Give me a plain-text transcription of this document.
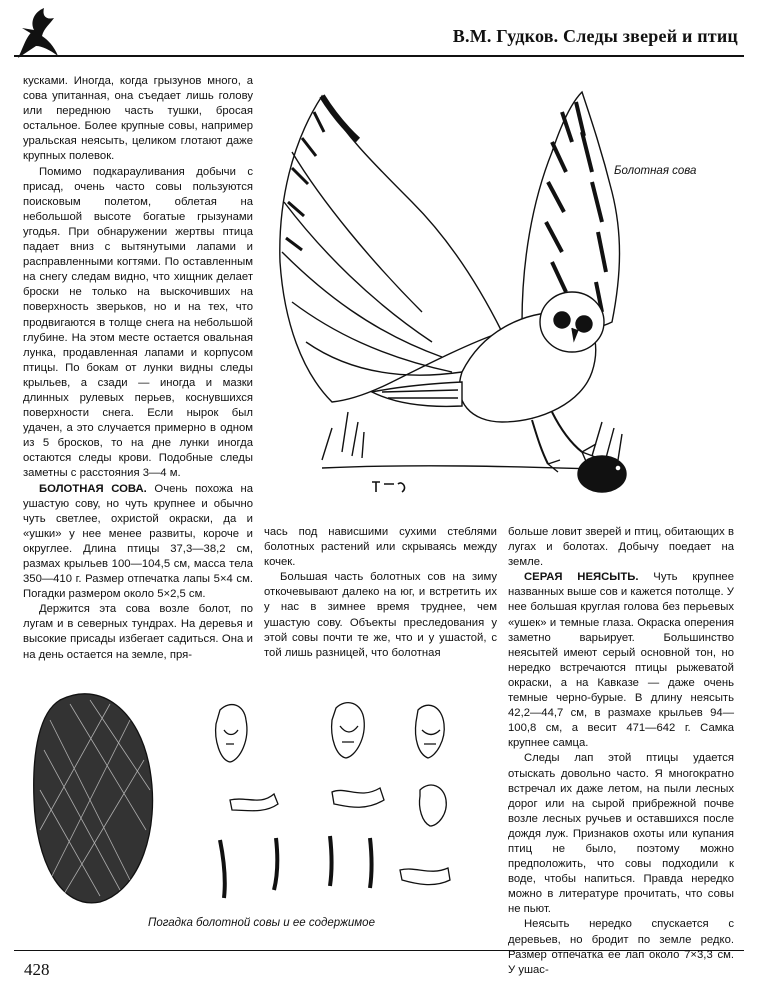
В.М. Гудков. Следы зверей и птиц

кусками. Иногда, когда грызунов много, а сова упитанная, она съедает лишь голову или переднюю часть тушки, бросая остальное. Более крупные совы, например уральская неясыть, целиком глотают даже крупных полевок.

Помимо подкарауливания добычи с присад, очень часто совы пользуются поисковым полетом, облетая на небольшой высоте богатые грызунами угодья. При обнаружении жертвы птица падает вниз с вытянутыми лапами и расправленными когтями. По оставленным на снегу следам видно, что хищник делает броски не только на выскочивших на поверхность зверьков, но и на тех, что продвигаются в толще снега на небольшой глубине. На этом месте остается овальная лунка, продавленная лапами и корпусом птицы. По бокам от лунки видны следы крыльев, а сзади — иногда и мазки длинных рулевых перьев, коснувшихся поверхности снега. Если нырок был удачен, а это случается примерно в одном из 5 бросков, то на дне лунки иногда остаются следы крови. Подобные следы заметны с расстояния 3—4 м.

БОЛОТНАЯ СОВА. Очень похожа на ушастую сову, но чуть крупнее и обычно чуть светлее, охристой окраски, да и «ушки» у нее менее развиты, короче и округлее. Длина птицы 37,3—38,2 см, размах крыльев 100—104,5 см, масса тела 350—410 г. Размер отпечатка лапы 5×4 см. Погадки размером около 5×2,5 см.

Держится эта сова возле болот, по лугам и в северных тундрах. На деревья и высокие присады избегает садиться. Она и на день остается на земле, пря-

Болотная сова

чась под нависшими сухими стеблями болотных растений или скрываясь между кочек.

Большая часть болотных сов на зиму откочевывают далеко на юг, и встретить их у нас в зимнее время труднее, чем ушастую сову. Объекты преследования у этой совы почти те же, что и у ушастой, с той лишь разницей, что болотная

больше ловит зверей и птиц, обитающих в лугах и болотах. Добычу поедает на земле.

СЕРАЯ НЕЯСЫТЬ. Чуть крупнее названных выше сов и кажется потолще. У нее большая круглая голова без перьевых «ушек» и темные глаза. Окраска оперения заметно варьирует. Большинство неясытей имеют серый основной тон, но нередко встречаются птицы рыжеватой окраски, а на Кавказе — даже очень темные черно-бурые. В длину неясыть 42,2—44,7 см, в размахе крыльев 94—100,8 см, а весит 471—642 г. Самка крупнее самца.

Следы лап этой птицы удается отыскать довольно часто. Я многократно встречал их даже летом, на пыли лесных дорог или на сырой прибрежной почве возле лесных ручьев и оставшихся после дождя луж. Признаков охоты или купания птиц не было, поэтому можно предположить, что совы подходили к воде, чтобы напиться. Правда нередко можно в литературе прочитать, что совы не пьют.

Неясыть нередко спускается с деревьев, но бродит по земле редко. Размер отпечатка ее лап около 7×3,3 см. У ушас-

Погадка болотной совы и ее содержимое
428
